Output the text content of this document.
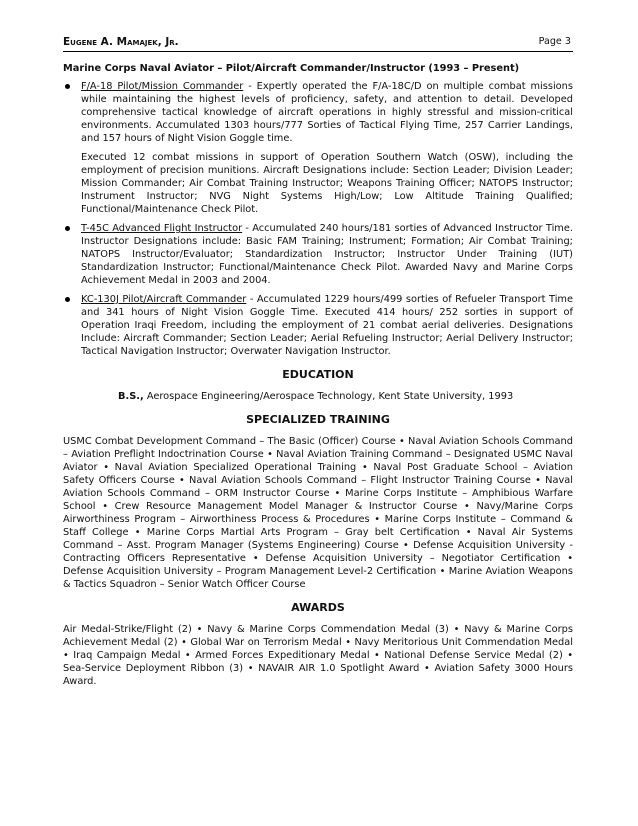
Eugene A. Mamajek, Jr.	Page 3
Marine Corps Naval Aviator – Pilot/Aircraft Commander/Instructor (1993 – Present)
F/A-18 Pilot/Mission Commander - Expertly operated the F/A-18C/D on multiple combat missions while maintaining the highest levels of proficiency, safety, and attention to detail. Developed comprehensive tactical knowledge of aircraft operations in highly stressful and mission-critical environments. Accumulated 1303 hours/777 Sorties of Tactical Flying Time, 257 Carrier Landings, and 157 hours of Night Vision Goggle time.
Executed 12 combat missions in support of Operation Southern Watch (OSW), including the employment of precision munitions. Aircraft Designations include: Section Leader; Division Leader; Mission Commander; Air Combat Training Instructor; Weapons Training Officer; NATOPS Instructor; Instrument Instructor; NVG Night Systems High/Low; Low Altitude Training Qualified; Functional/Maintenance Check Pilot.
T-45C Advanced Flight Instructor - Accumulated 240 hours/181 sorties of Advanced Instructor Time. Instructor Designations include: Basic FAM Training; Instrument; Formation; Air Combat Training; NATOPS Instructor/Evaluator; Standardization Instructor; Instructor Under Training (IUT) Standardization Instructor; Functional/Maintenance Check Pilot. Awarded Navy and Marine Corps Achievement Medal in 2003 and 2004.
KC-130J Pilot/Aircraft Commander - Accumulated 1229 hours/499 sorties of Refueler Transport Time and 341 hours of Night Vision Goggle Time. Executed 414 hours/ 252 sorties in support of Operation Iraqi Freedom, including the employment of 21 combat aerial deliveries. Designations Include: Aircraft Commander; Section Leader; Aerial Refueling Instructor; Aerial Delivery Instructor; Tactical Navigation Instructor; Overwater Navigation Instructor.
EDUCATION
B.S., Aerospace Engineering/Aerospace Technology, Kent State University, 1993
SPECIALIZED TRAINING
USMC Combat Development Command – The Basic (Officer) Course • Naval Aviation Schools Command – Aviation Preflight Indoctrination Course • Naval Aviation Training Command – Designated USMC Naval Aviator • Naval Aviation Specialized Operational Training • Naval Post Graduate School – Aviation Safety Officers Course • Naval Aviation Schools Command – Flight Instructor Training Course • Naval Aviation Schools Command – ORM Instructor Course • Marine Corps Institute – Amphibious Warfare School • Crew Resource Management Model Manager & Instructor Course • Navy/Marine Corps Airworthiness Program – Airworthiness Process & Procedures • Marine Corps Institute – Command & Staff College • Marine Corps Martial Arts Program – Gray belt Certification • Naval Air Systems Command – Asst. Program Manager (Systems Engineering) Course • Defense Acquisition University - Contracting Officers Representative • Defense Acquisition University – Negotiator Certification • Defense Acquisition University – Program Management Level-2 Certification • Marine Aviation Weapons & Tactics Squadron – Senior Watch Officer Course
AWARDS
Air Medal-Strike/Flight (2) • Navy & Marine Corps Commendation Medal (3) • Navy & Marine Corps Achievement Medal (2) • Global War on Terrorism Medal • Navy Meritorious Unit Commendation Medal • Iraq Campaign Medal • Armed Forces Expeditionary Medal • National Defense Service Medal (2) • Sea-Service Deployment Ribbon (3) • NAVAIR AIR 1.0 Spotlight Award • Aviation Safety 3000 Hours Award.
